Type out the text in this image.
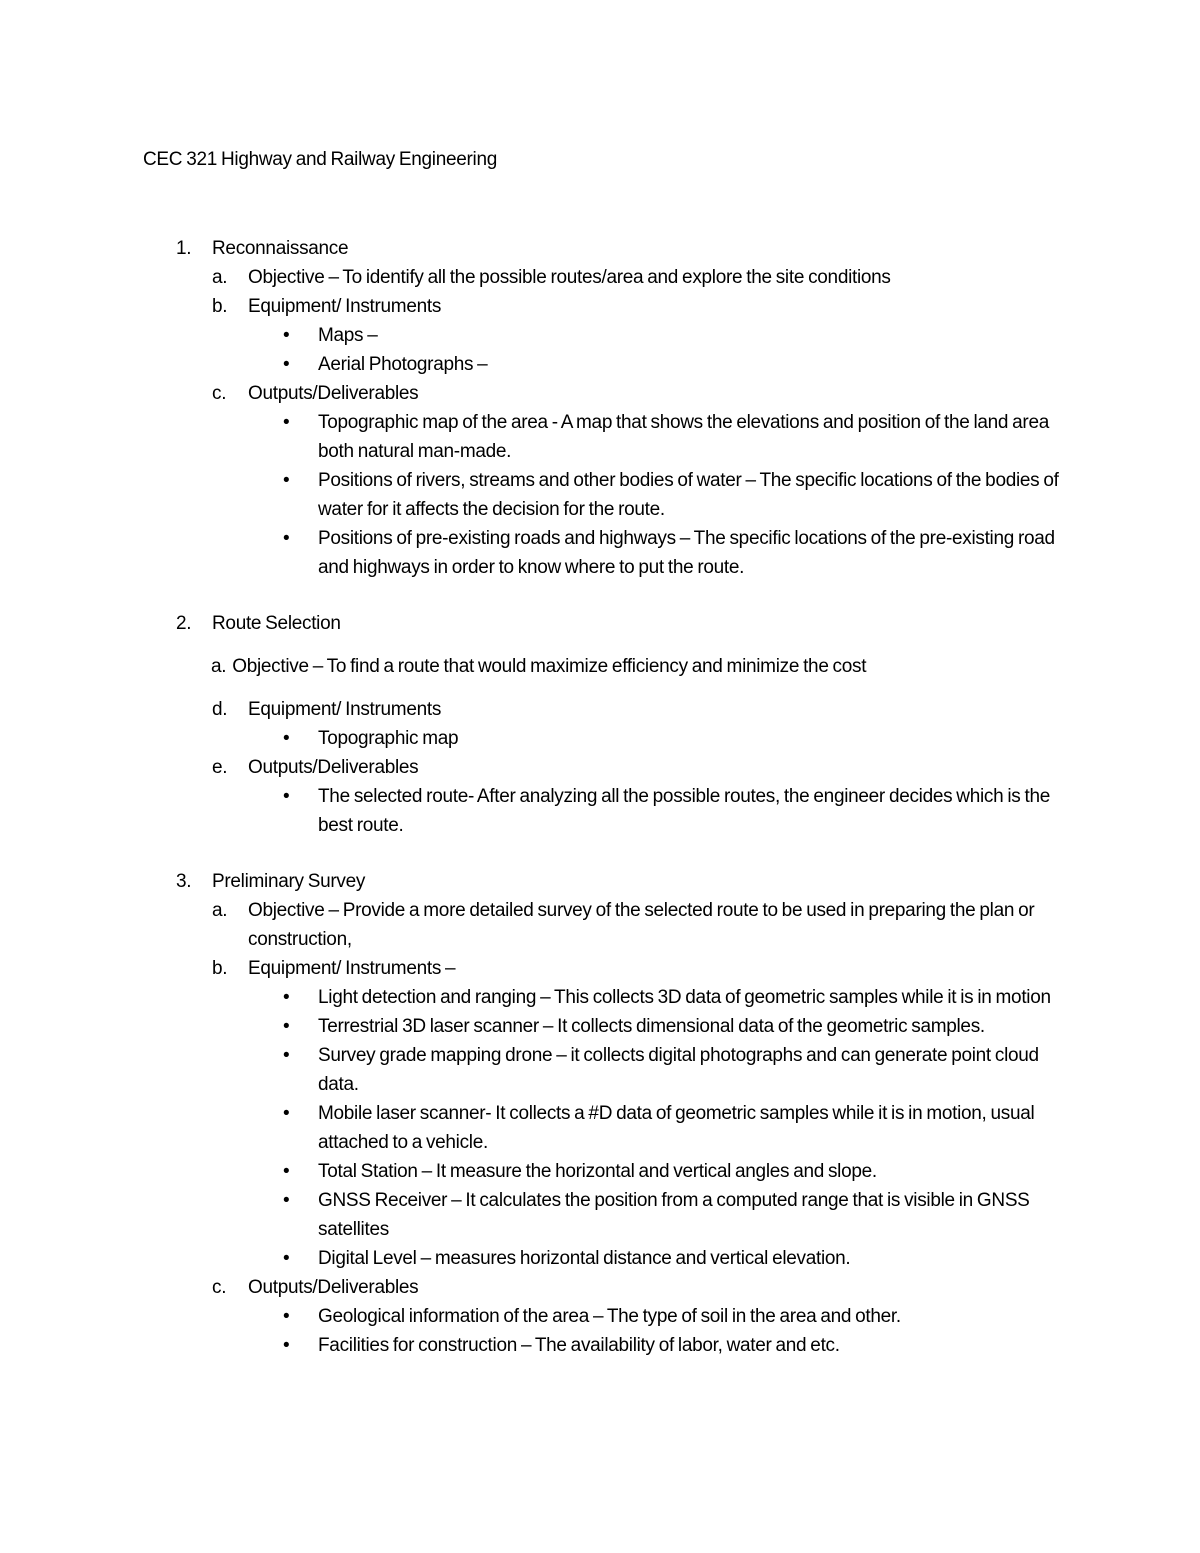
CEC 321 Highway and Railway Engineering
1. Reconnaissance
a. Objective – To identify all the possible routes/area and explore the site conditions
b. Equipment/ Instruments
• Maps –
• Aerial Photographs –
c. Outputs/Deliverables
• Topographic map of the area - A map that shows the elevations and position of the land area both natural man-made.
• Positions of rivers, streams and other bodies of water – The specific locations of the bodies of water for it affects the decision for the route.
• Positions of pre-existing roads and highways – The specific locations of the pre-existing road and highways in order to know where to put the route.
2. Route Selection
a. Objective – To find a route that would maximize efficiency and minimize the cost
d. Equipment/ Instruments
• Topographic map
e. Outputs/Deliverables
• The selected route- After analyzing all the possible routes, the engineer decides which is the best route.
3. Preliminary Survey
a. Objective – Provide a more detailed survey of the selected route to be used in preparing the plan or construction,
b. Equipment/ Instruments –
• Light detection and ranging – This collects 3D data of geometric samples while it is in motion
• Terrestrial 3D laser scanner – It collects dimensional data of the geometric samples.
• Survey grade mapping drone – it collects digital photographs and can generate point cloud data.
• Mobile laser scanner- It collects a #D data of geometric samples while it is in motion, usual attached to a vehicle.
• Total Station – It measure the horizontal and vertical angles and slope.
• GNSS Receiver – It calculates the position from a computed range that is visible in GNSS satellites
• Digital Level – measures horizontal distance and vertical elevation.
c. Outputs/Deliverables
• Geological information of the area – The type of soil in the area and other.
• Facilities for construction – The availability of labor, water and etc.
